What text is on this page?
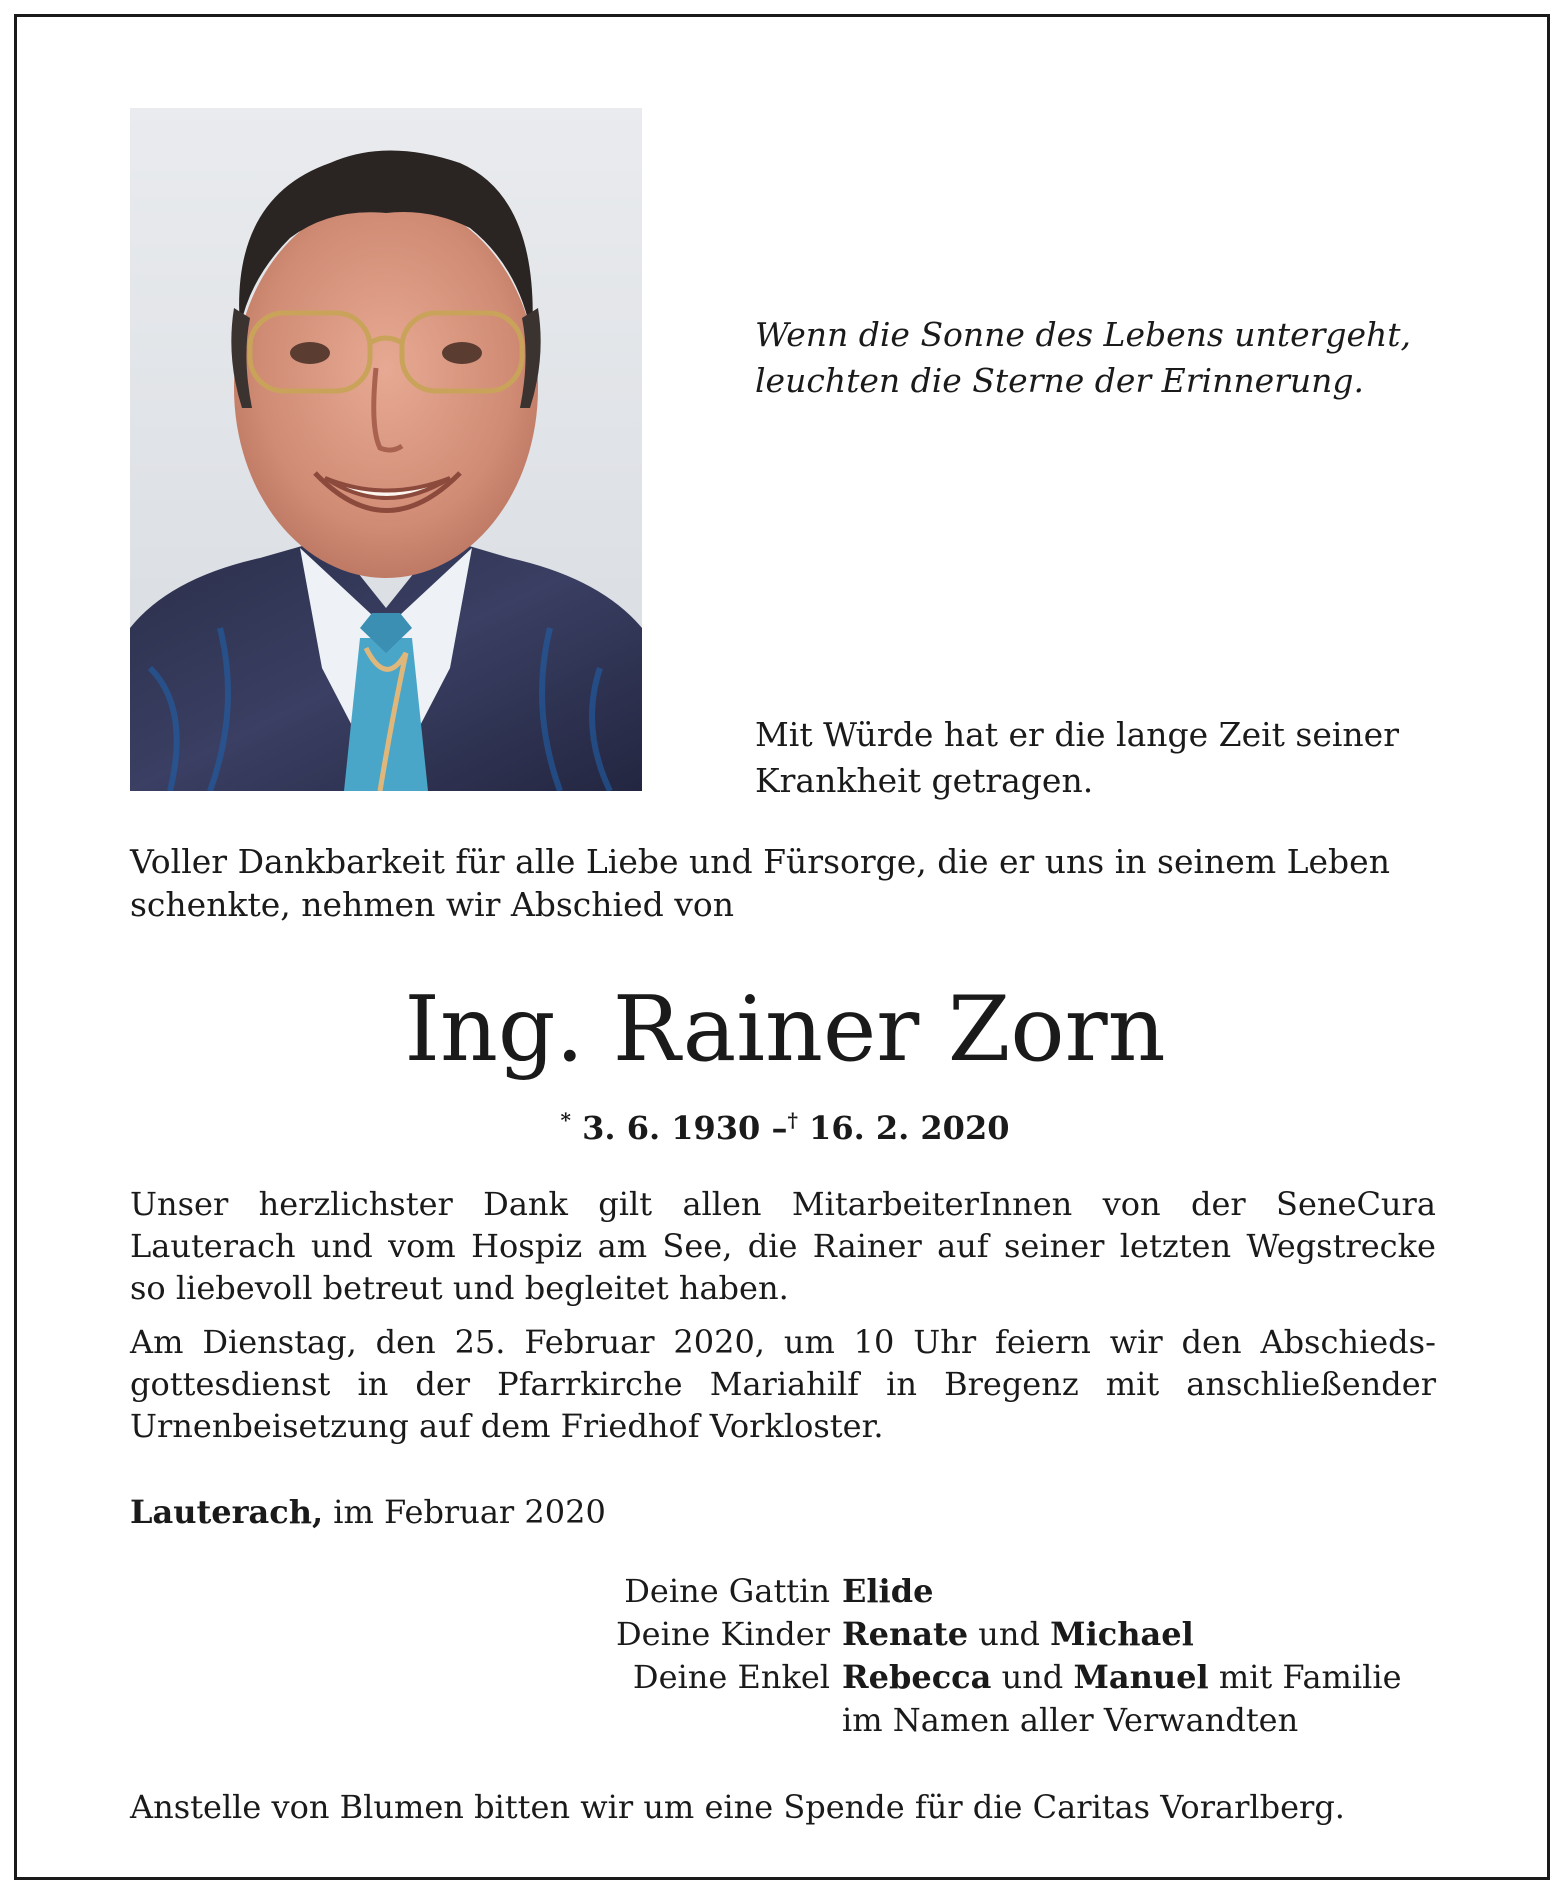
Wenn die Sonne des Lebens untergeht,
leuchten die Sterne der Erinnerung.
Mit Würde hat er die lange Zeit seiner
Krankheit getragen.
Voller Dankbarkeit für alle Liebe und Fürsorge, die er uns in seinem Leben
schenkte, nehmen wir Abschied von
Ing. Rainer Zorn
* 3. 6. 1930 –† 16. 2. 2020
Unser herzlichster Dank gilt allen MitarbeiterInnen von der SeneCura
Lauterach und vom Hospiz am See, die Rainer auf seiner letzten Wegstrecke
so liebevoll betreut und begleitet haben.
Am Dienstag, den 25. Februar 2020, um 10 Uhr feiern wir den Abschieds-
gottesdienst in der Pfarrkirche Mariahilf in Bregenz mit anschließender
Urnenbeisetzung auf dem Friedhof Vorkloster.
Lauterach, im Februar 2020
Deine Gattin Elide
Deine Kinder Renate und Michael
Deine Enkel Rebecca und Manuel mit Familie
im Namen aller Verwandten
Anstelle von Blumen bitten wir um eine Spende für die Caritas Vorarlberg.
